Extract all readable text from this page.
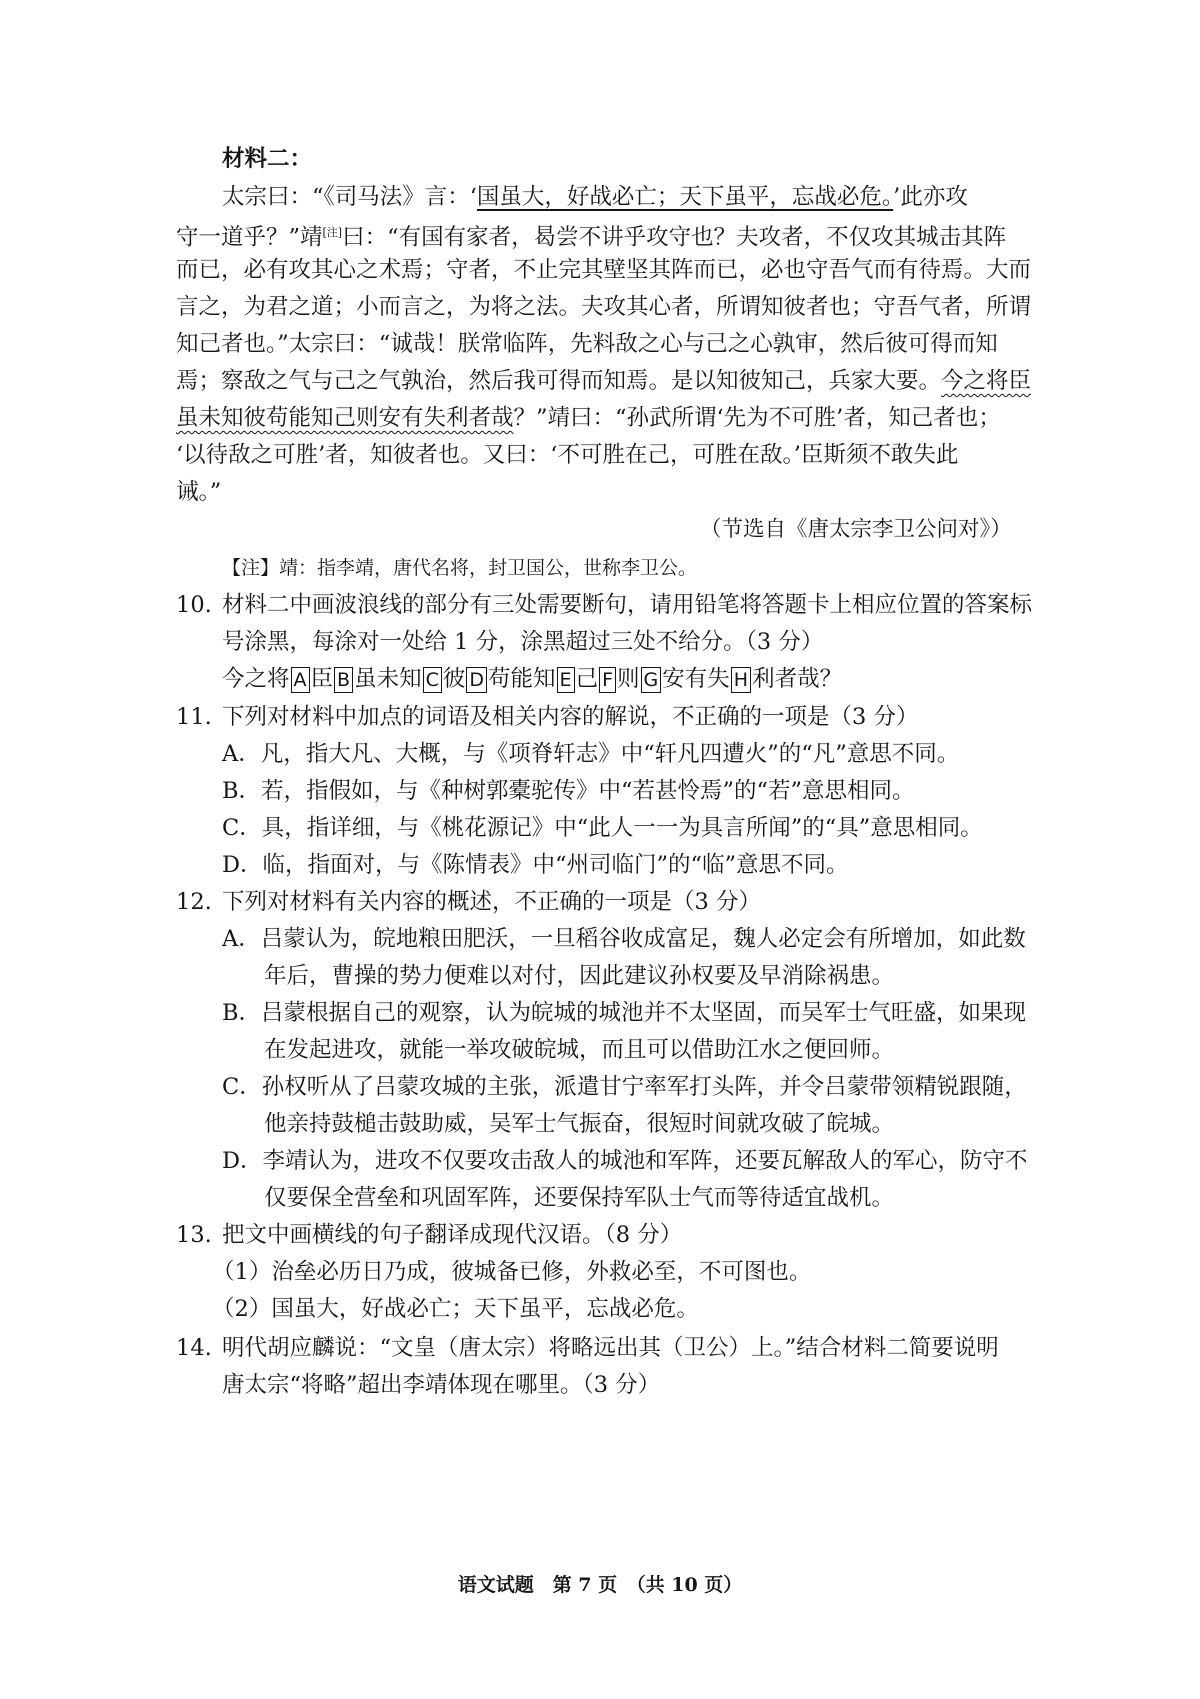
材料二：
太宗曰：“《司马法》言：‘国虽大，好战必亡；天下虽平，忘战必危。’此亦攻
守一道乎？”靖[注]曰：“有国有家者，曷尝不讲乎攻守也？夫攻者，不仅攻其城击其阵
而已，必有攻其心之术焉；守者，不止完其壁坚其阵而已，必也守吾气而有待焉。大而
言之，为君之道；小而言之，为将之法。夫攻其心者，所谓知彼者也；守吾气者，所谓
知己者也。”太宗曰：“诚哉！朕常临阵，先料敌之心与己之心孰审，然后彼可得而知
焉；察敌之气与己之气孰治，然后我可得而知焉。是以知彼知己，兵家大要。今之将臣
虽未知彼苟能知己则安有失利者哉？”靖曰：“孙武所谓‘先为不可胜’者，知己者也；
‘以待敌之可胜’者，知彼者也。又曰：‘不可胜在己，可胜在敌。’臣斯须不敢失此
诫。”
（节选自《唐太宗李卫公问对》）
【注】靖：指李靖，唐代名将，封卫国公，世称李卫公。
10. 材料二中画波浪线的部分有三处需要断句，请用铅笔将答题卡上相应位置的答案标
号涂黑，每涂对一处给 1 分，涂黑超过三处不给分。（3 分）
今之将 A 臣 B 虽未知 C 彼 D 苟能知 E 己 F 则 G 安有失 H 利者哉？
11. 下列对材料中加点的词语及相关内容的解说，不正确的一项是（3 分）
A．凡，指大凡、大概，与《项脊轩志》中“轩凡四遭火”的“凡”意思不同。
B．若，指假如，与《种树郭橐驼传》中“若甚怜焉”的“若”意思相同。
C．具，指详细，与《桃花源记》中“此人一一为具言所闻”的“具”意思相同。
D．临，指面对，与《陈情表》中“州司临门”的“临”意思不同。
12. 下列对材料有关内容的概述，不正确的一项是（3 分）
A．吕蒙认为，皖地粮田肥沃，一旦稻谷收成富足，魏人必定会有所增加，如此数
年后，曹操的势力便难以对付，因此建议孙权要及早消除祸患。
B．吕蒙根据自己的观察，认为皖城的城池并不太坚固，而吴军士气旺盛，如果现
在发起进攻，就能一举攻破皖城，而且可以借助江水之便回师。
C．孙权听从了吕蒙攻城的主张，派遣甘宁率军打头阵，并令吕蒙带领精锐跟随，
他亲持鼓槌击鼓助威，吴军士气振奋，很短时间就攻破了皖城。
D．李靖认为，进攻不仅要攻击敌人的城池和军阵，还要瓦解敌人的军心，防守不
仅要保全营垒和巩固军阵，还要保持军队士气而等待适宜战机。
13. 把文中画横线的句子翻译成现代汉语。（8 分）
（1）治垒必历日乃成，彼城备已修，外救必至，不可图也。
（2）国虽大，好战必亡；天下虽平，忘战必危。
14. 明代胡应麟说：“文皇（唐太宗）将略远出其（卫公）上。”结合材料二简要说明
唐太宗“将略”超出李靖体现在哪里。（3 分）
语文试题　第 7 页　（共 10 页）
